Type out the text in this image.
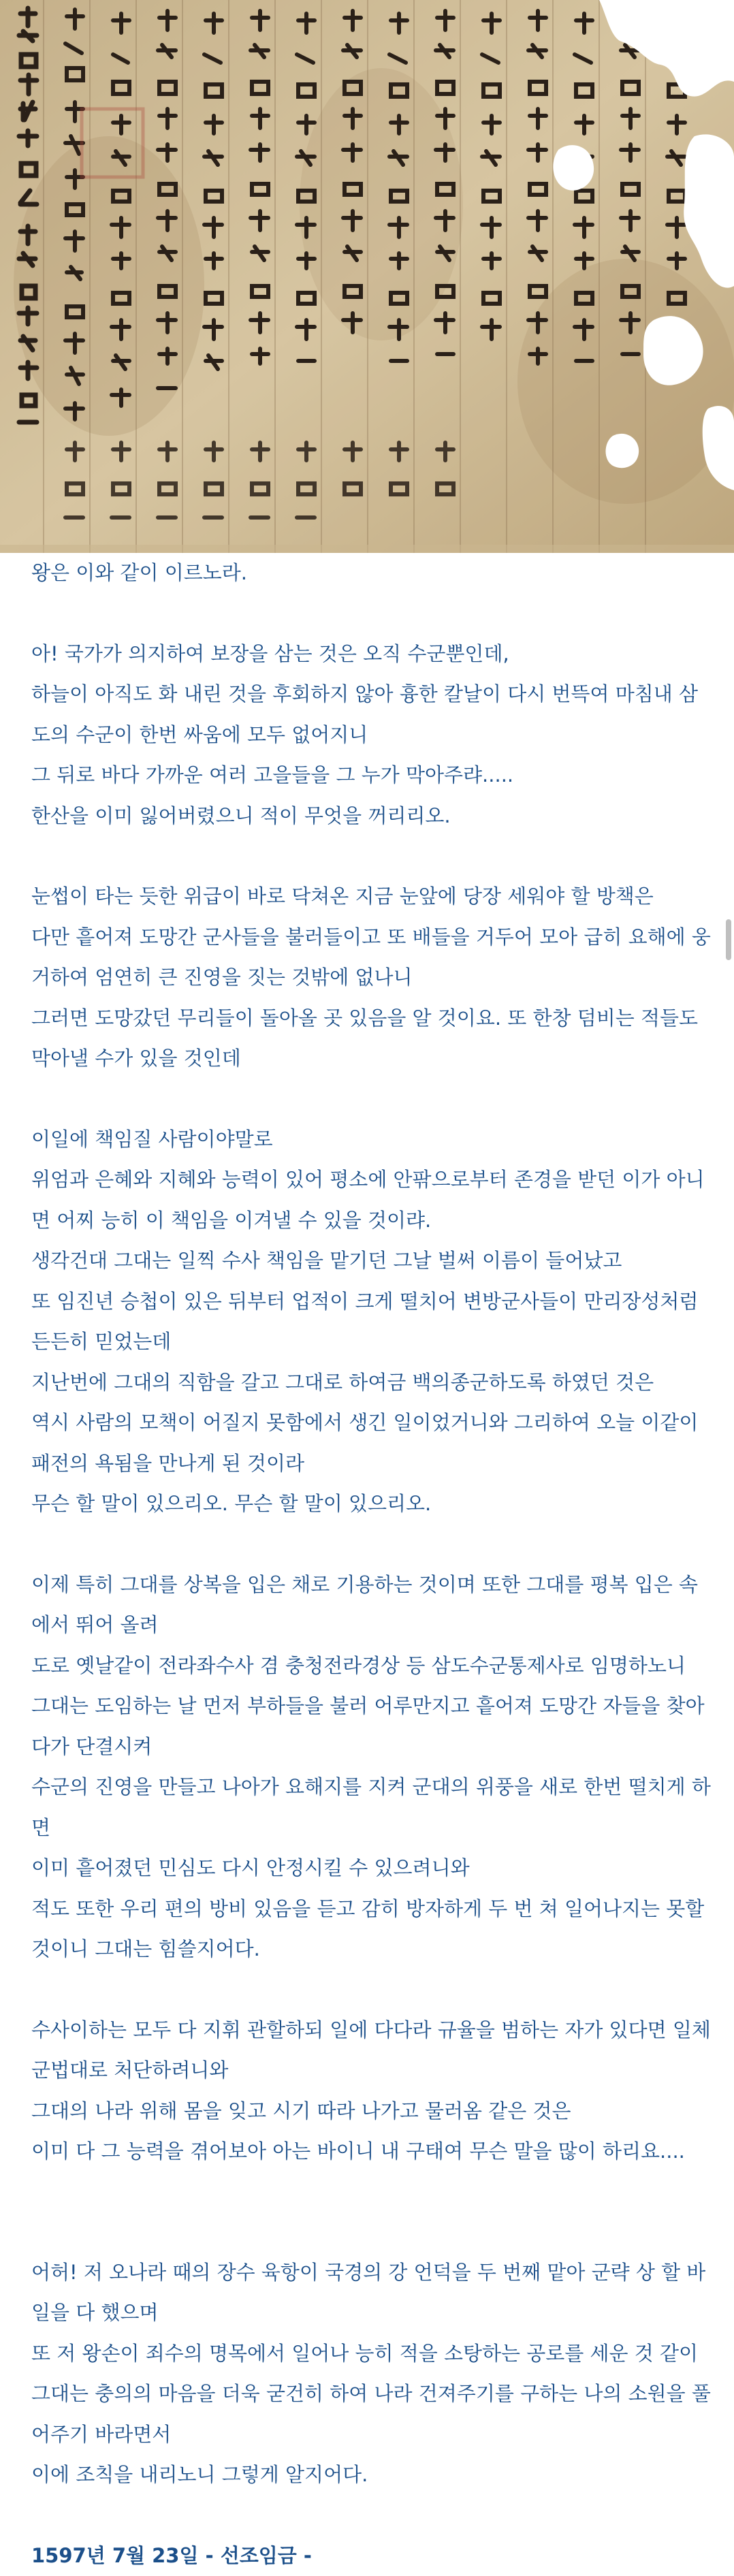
왕은 이와 같이 이르노라.
아! 국가가 의지하여 보장을 삼는 것은 오직 수군뿐인데,
하늘이 아직도 화 내린 것을 후회하지 않아 흉한 칼날이 다시 번뜩여 마침내 삼
도의 수군이 한번 싸움에 모두 없어지니
그 뒤로 바다 가까운 여러 고을들을 그 누가 막아주랴.....
한산을 이미 잃어버렸으니 적이 무엇을 꺼리리오.
눈썹이 타는 듯한 위급이 바로 닥쳐온 지금 눈앞에 당장 세워야 할 방책은
다만 흩어져 도망간 군사들을 불러들이고 또 배들을 거두어 모아 급히 요해에 웅
거하여 엄연히 큰 진영을 짓는 것밖에 없나니
그러면 도망갔던 무리들이 돌아올 곳 있음을 알 것이요. 또 한창 덤비는 적들도
막아낼 수가 있을 것인데
이일에 책임질 사람이야말로
위엄과 은혜와 지혜와 능력이 있어 평소에 안팎으로부터 존경을 받던 이가 아니
면 어찌 능히 이 책임을 이겨낼 수 있을 것이랴.
생각건대 그대는 일찍 수사 책임을 맡기던 그날 벌써 이름이 들어났고
또 임진년 승첩이 있은 뒤부터 업적이 크게 떨치어 변방군사들이 만리장성처럼
든든히 믿었는데
지난번에 그대의 직함을 갈고 그대로 하여금 백의종군하도록 하였던 것은
역시 사람의 모책이 어질지 못함에서 생긴 일이었거니와 그리하여 오늘 이같이
패전의 욕됨을 만나게 된 것이라
무슨 할 말이 있으리오. 무슨 할 말이 있으리오.
이제 특히 그대를 상복을 입은 채로 기용하는 것이며 또한 그대를 평복 입은 속
에서 뛰어 올려
도로 옛날같이 전라좌수사 겸 충청전라경상 등 삼도수군통제사로 임명하노니
그대는 도임하는 날 먼저 부하들을 불러 어루만지고 흩어져 도망간 자들을 찾아
다가 단결시켜
수군의 진영을 만들고 나아가 요해지를 지켜 군대의 위풍을 새로 한번 떨치게 하
면
이미 흩어졌던 민심도 다시 안정시킬 수 있으려니와
적도 또한 우리 편의 방비 있음을 듣고 감히 방자하게 두 번 쳐 일어나지는 못할
것이니 그대는 힘쓸지어다.
수사이하는 모두 다 지휘 관할하되 일에 다다라 규율을 범하는 자가 있다면 일체
군법대로 처단하려니와
그대의 나라 위해 몸을 잊고 시기 따라 나가고 물러옴 같은 것은
이미 다 그 능력을 겪어보아 아는 바이니 내 구태여 무슨 말을 많이 하리요....
어허! 저 오나라 때의 장수 육항이 국경의 강 언덕을 두 번째 맡아 군략 상 할 바
일을 다 했으며
또 저 왕손이 죄수의 명목에서 일어나 능히 적을 소탕하는 공로를 세운 것 같이
그대는 충의의 마음을 더욱 굳건히 하여 나라 건져주기를 구하는 나의 소원을 풀
어주기 바라면서
이에 조칙을 내리노니 그렇게 알지어다.
1597년 7월 23일 - 선조임금 -
